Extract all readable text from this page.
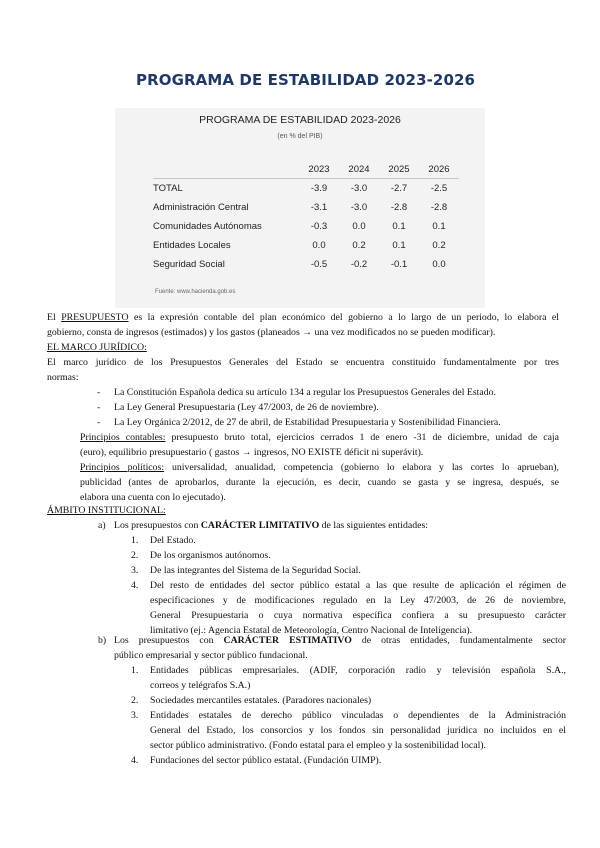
PROGRAMA DE ESTABILIDAD 2023-2026
PROGRAMA DE ESTABILIDAD 2023-2026
(en % del PIB)
	2023	2024	2025	2026
TOTAL	-3.9	-3.0	-2.7	-2.5
Administración Central	-3.1	-3.0	-2.8	-2.8
Comunidades Autónomas	-0.3	0.0	0.1	0.1
Entidades Locales	0.0	0.2	0.1	0.2
Seguridad Social	-0.5	-0.2	-0.1	0.0
Fuente: www.hacienda.gob.es
El PRESUPUESTO es la expresión contable del plan económico del gobierno a lo largo de un periodo, lo elabora el
gobierno, consta de ingresos (estimados) y los gastos (planeados → una vez modificados no se pueden modificar).
EL MARCO JURÍDICO:
El marco jurídico de los Presupuestos Generales del Estado se encuentra constituido fundamentalmente por tres
normas:
- La Constitución Española dedica su artículo 134 a regular los Presupuestos Generales del Estado.
- La Ley General Presupuestaria (Ley 47/2003, de 26 de noviembre).
- La Ley Orgánica 2/2012, de 27 de abril, de Estabilidad Presupuestaria y Sostenibilidad Financiera.
Principios contables: presupuesto bruto total, ejercicios cerrados 1 de enero -31 de diciembre, unidad de caja
(euro), equilibrio presupuestario ( gastos → ingresos, NO EXISTE déficit ni superávit).
Principios políticos: universalidad, anualidad, competencia (gobierno lo elabora y las cortes lo aprueban),
publicidad (antes de aprobarlos, durante la ejecución, es decir, cuando se gasta y se ingresa, después, se
elabora una cuenta con lo ejecutado).
ÁMBITO INSTITUCIONAL:
a) Los presupuestos con CARÁCTER LIMITATIVO de las siguientes entidades:
1. Del Estado.
2. De los organismos autónomos.
3. De las integrantes del Sistema de la Seguridad Social.
4. Del resto de entidades del sector público estatal a las que resulte de aplicación el régimen de
especificaciones y de modificaciones regulado en la Ley 47/2003, de 26 de noviembre,
General Presupuestaria o cuya normativa específica confiera a su presupuesto carácter
limitativo (ej.: Agencia Estatal de Meteorología, Centro Nacional de Inteligencia).
b) Los presupuestos con CARÁCTER ESTIMATIVO de otras entidades, fundamentalmente sector
público empresarial y sector público fundacional.
1. Entidades públicas empresariales. (ADIF, corporación radio y televisión española S.A.,
correos y telégrafos S.A.)
2. Sociedades mercantiles estatales. (Paradores nacionales)
3. Entidades estatales de derecho público vinculadas o dependientes de la Administración
General del Estado, los consorcios y los fondos sin personalidad jurídica no incluidos en el
sector público administrativo. (Fondo estatal para el empleo y la sostenibilidad local).
4. Fundaciones del sector público estatal. (Fundación UIMP).
